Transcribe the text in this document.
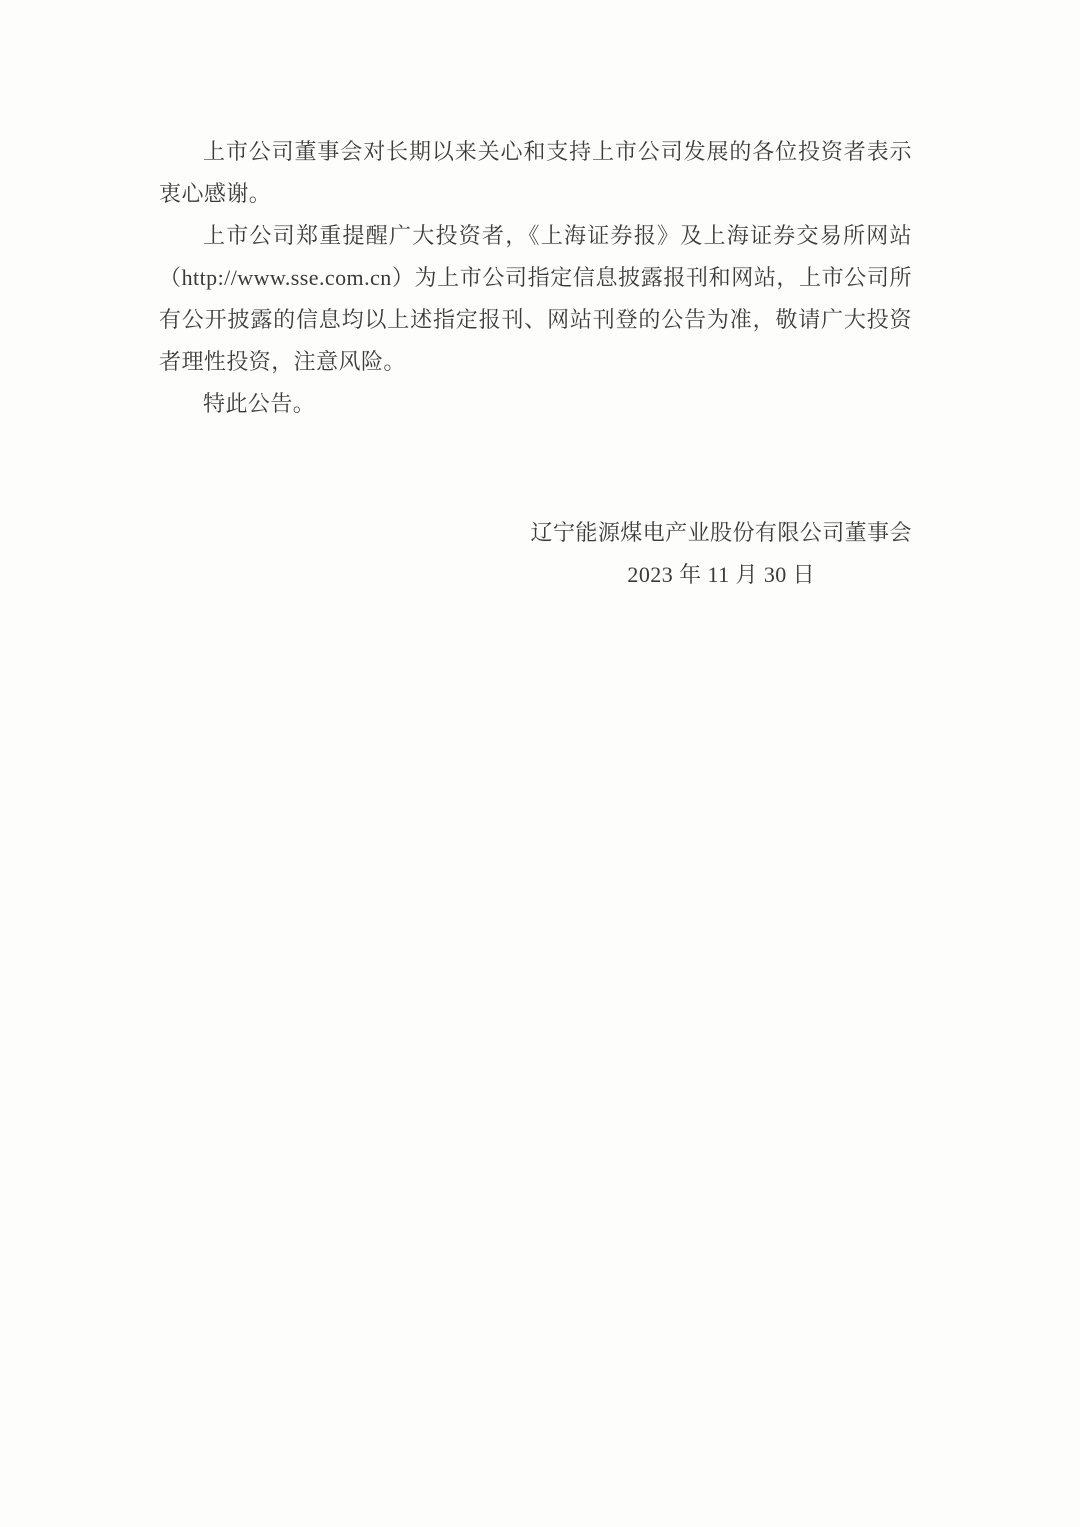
上市公司董事会对长期以来关心和支持上市公司发展的各位投资者表示衷心感谢。

上市公司郑重提醒广大投资者，《上海证券报》及上海证券交易所网站（http://www.sse.com.cn）为上市公司指定信息披露报刊和网站，上市公司所有公开披露的信息均以上述指定报刊、网站刊登的公告为准，敬请广大投资者理性投资，注意风险。

特此公告。

辽宁能源煤电产业股份有限公司董事会
2023 年 11 月 30 日
